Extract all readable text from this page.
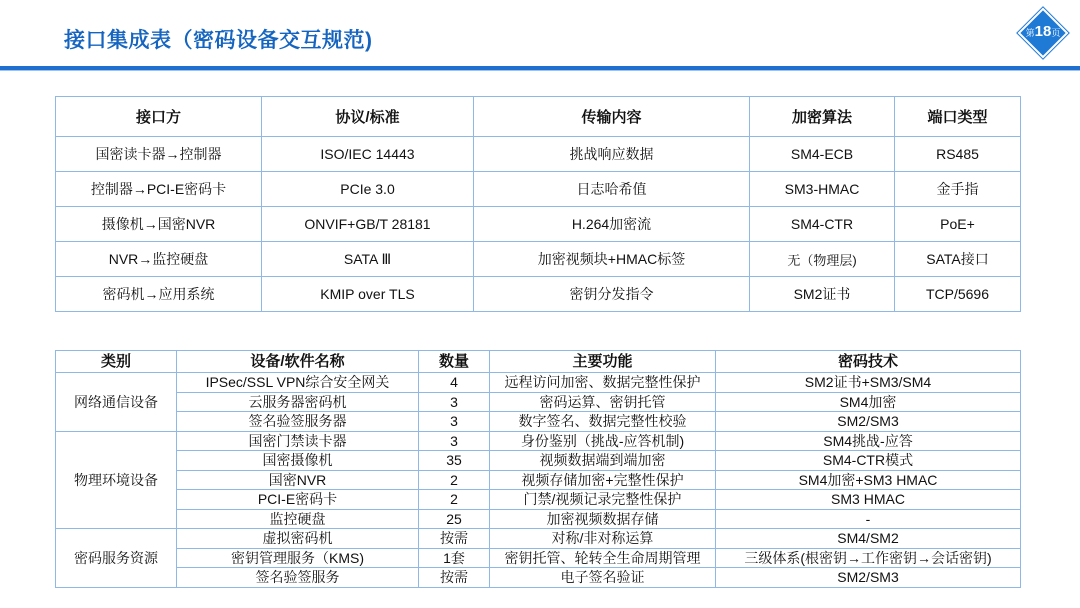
接口集成表（密码设备交互规范)	第18页
接口方	协议/标准	传输内容	加密算法	端口类型
国密读卡器→控制器	ISO/IEC 14443	挑战响应数据	SM4-ECB	RS485
控制器→PCI-E密码卡	PCIe 3.0	日志哈希值	SM3-HMAC	金手指
摄像机→国密NVR	ONVIF+GB/T 28181	H.264加密流	SM4-CTR	PoE+
NVR→监控硬盘	SATA Ⅲ	加密视频块+HMAC标签	无（物理层)	SATA接口
密码机→应用系统	KMIP over TLS	密钥分发指令	SM2证书	TCP/5696
类别	设备/软件名称	数量	主要功能	密码技术
网络通信设备	IPSec/SSL VPN综合安全网关	4	远程访问加密、数据完整性保护	SM2证书+SM3/SM4
	云服务器密码机	3	密码运算、密钥托管	SM4加密
	签名验签服务器	3	数字签名、数据完整性校验	SM2/SM3
物理环境设备	国密门禁读卡器	3	身份鉴别（挑战-应答机制)	SM4挑战-应答
	国密摄像机	35	视频数据端到端加密	SM4-CTR模式
	国密NVR	2	视频存储加密+完整性保护	SM4加密+SM3 HMAC
	PCI-E密码卡	2	门禁/视频记录完整性保护	SM3 HMAC
	监控硬盘	25	加密视频数据存储	-
密码服务资源	虚拟密码机	按需	对称/非对称运算	SM4/SM2
	密钥管理服务（KMS)	1套	密钥托管、轮转全生命周期管理	三级体系(根密钥→工作密钥→会话密钥)
	签名验签服务	按需	电子签名验证	SM2/SM3
